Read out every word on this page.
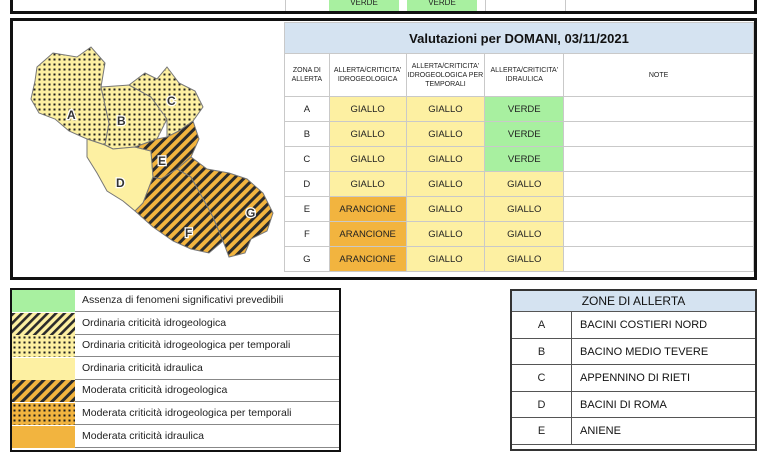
VERDE	VERDE
A	B
C
D
E
F
G
Valutazioni per DOMANI, 03/11/2021				
ZONA DI ALLERTA	ALLERTA/CRITICITA' IDROGEOLOGICA	ALLERTA/CRITICITA' IDROGEOLOGICA PER TEMPORALI	ALLERTA/CRITICITA' IDRAULICA	NOTE
A	GIALLO	GIALLO	VERDE	
B	GIALLO	GIALLO	VERDE	
C	GIALLO	GIALLO	VERDE	
D	GIALLO	GIALLO	GIALLO	
E	ARANCIONE	GIALLO	GIALLO	
F	ARANCIONE	GIALLO	GIALLO	
G	ARANCIONE	GIALLO	GIALLO	
Assenza di fenomeni significativi prevedibili
Ordinaria criticità idrogeologica
Ordinaria criticità idrogeologica per temporali
Ordinaria criticità idraulica
Moderata criticità idrogeologica
Moderata criticità idrogeologica per temporali
Moderata criticità idraulica
ZONE DI ALLERTA
A	BACINI COSTIERI NORD
B	BACINO MEDIO TEVERE
C	APPENNINO DI RIETI
D	BACINI DI ROMA
E	ANIENE
